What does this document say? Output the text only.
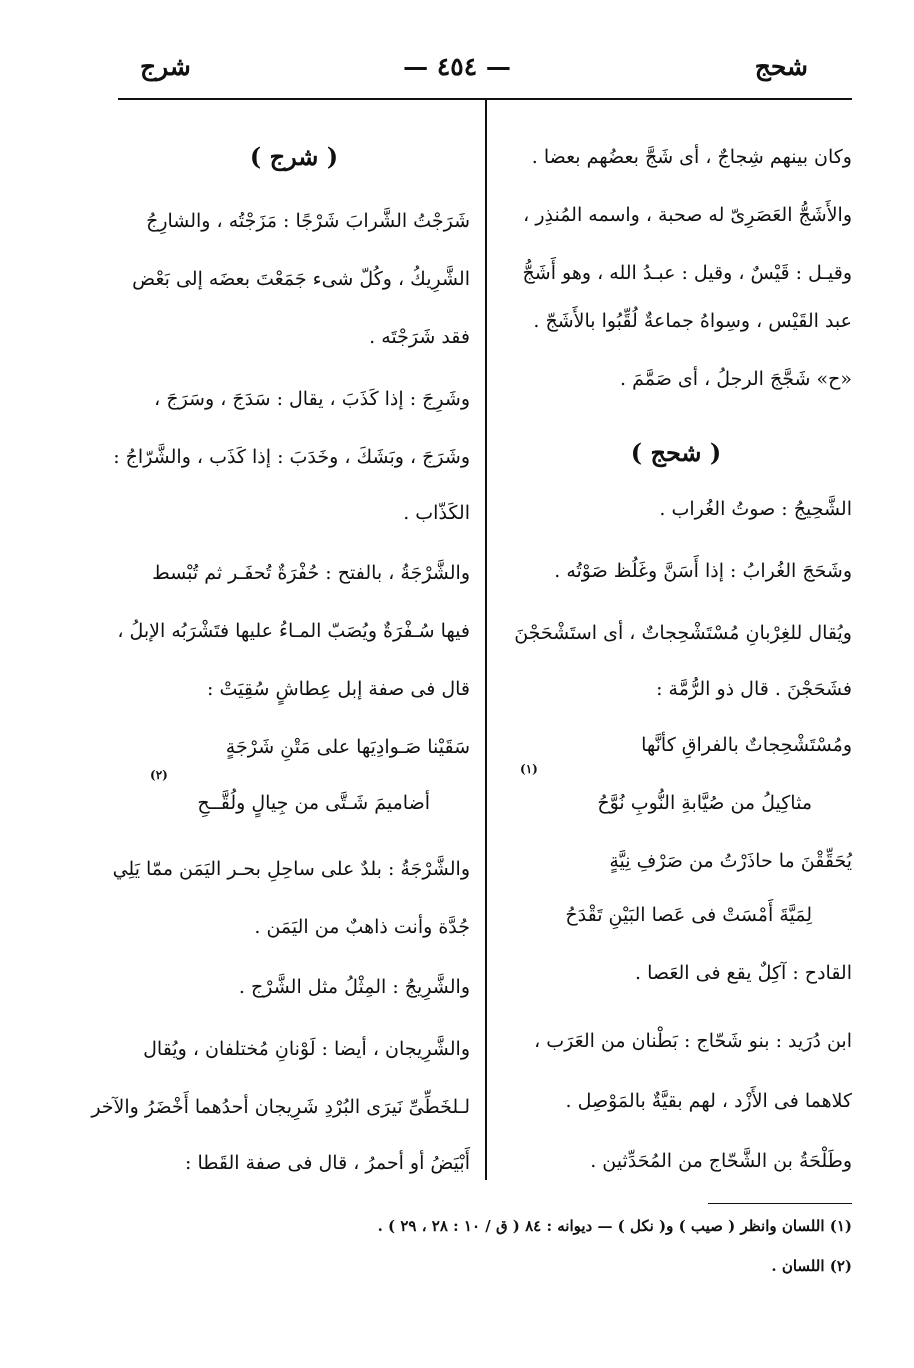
شحج
— ٤٥٤ —
شرج
وكان بينهم شِجاجٌ ، أى شَجَّ بعضُهم بعضا .
والأَشَجُّ العَصَرِىّ له صحبة ، واسمه المُنذِر ،
وقيـل : قَيْسٌ ، وقيل : عبـدُ الله ، وهو أَشَجُّ
عبد القَيْس ، وسِواهُ جماعةٌ لُقِّبُوا بالأَشَجّ .
«ح» شَجَّجَ الرجلُ ، أى صَمَّمَ .
( شحج )
الشَّحِيجُ : صوتُ الغُراب .
وشَحَجَ الغُرابُ : إذا أَسَنَّ وغَلُظ صَوْتُه .
ويُقال للغِرْبانِ مُسْتَشْحِجاتٌ ، أى استَشْحَجْنَ
فشَحَجْنَ . قال ذو الرُّمَّة :
ومُسْتَشْحِجاتٌ بالفراقِ كأنَّها
مثاكِيلُ من صُيَّابةِ النُّوبِ نُوَّحُ
يُحَقِّقْنَ ما حاذَرْتُ من صَرْفِ نِيَّةٍ
لِمَيَّةَ أَمْسَتْ فى عَصا البَيْنِ تَقْدَحُ
القادح : آكِلٌ يقع فى العَصا .
ابن دُرَيد : بنو شَحّاج : بَطْنان من العَرَب ،
كلاهما فى الأَزْد ، لهم بقيَّةٌ بالمَوْصِل .
وطَلْحَةُ بن الشَّحّاج من المُحَدِّثين .
( شرج )
شَرَجْتُ الشَّرابَ شَرْجًا : مَزَجْتُه ، والشارِجُ
الشَّرِيكُ ، وكُلّ شىء جَمَعْتَ بعضَه إلى بَعْض
فقد شَرَجْتَه .
وشَرِجَ : إذا كَذَبَ ، يقال : سَدَجَ ، وسَرَجَ ،
وشَرَجَ ، وبَشَكَ ، وخَدَبَ : إذا كَذَب ، والشَّرّاجُ :
الكَذّاب .
والشَّرْجَةُ ، بالفتح : حُفْرَةٌ تُحفَـر ثم تُبْسط
فيها سُـفْرَةٌ ويُصَبّ المـاءُ عليها فتَشْرَبُه الإبلُ ،
قال فى صفة إبل عِطاشٍ سُقِيَتْ :
سَقَيْنا صَـوادِيَها على مَتْنِ شَرْجَةٍ
أضاميمَ شَـتَّى من جِيالٍ ولُقَّــحِ
والشَّرْجَةُ : بلدٌ على ساحِلِ بحـر اليَمَن ممّا يَلِي
جُدَّة وأنت ذاهبٌ من اليَمَن .
والشَّرِيجُ : المِثْلُ مثل الشَّرْج .
والشَّرِيجان ، أيضا : لَوْنانِ مُختلفان ، ويُقال
لـلخَطِّىِّ نَيرَى البُرْدِ شَرِيجان أحدُهما أَخْضَرُ والآخر
أَبْيَضُ أو أحمرُ ، قال فى صفة القَطا :
(١) اللسان وانظر ( صيب ) و( نكل ) — ديوانه : ٨٤ ( ق / ١٠ : ٢٨ ، ٢٩ ) .
(٢) اللسان .
(١)
(٢)
